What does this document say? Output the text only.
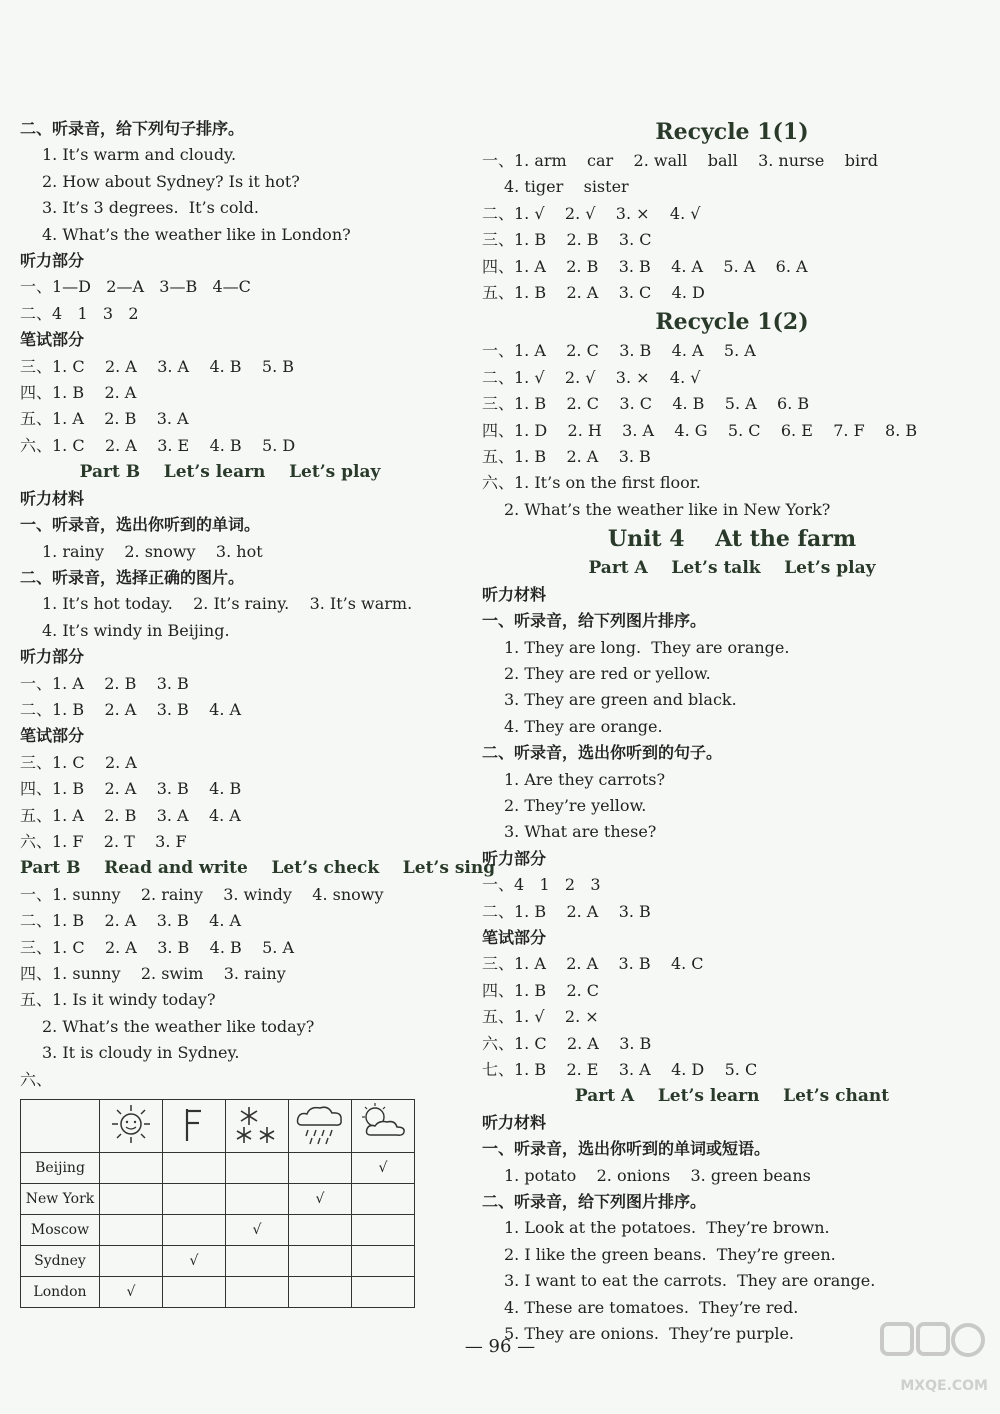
二、听录音，给下列句子排序。
1. It’s warm and cloudy.
2. How about Sydney? Is it hot?
3. It’s 3 degrees.  It’s cold.
4. What’s the weather like in London?
听力部分
一、1—D   2—A   3—B   4—C
二、4   1   3   2
笔试部分
三、1. C    2. A    3. A    4. B    5. B
四、1. B    2. A
五、1. A    2. B    3. A
六、1. C    2. A    3. E    4. B    5. D
Part B    Let’s learn    Let’s play
听力材料
一、听录音，选出你听到的单词。
1. rainy    2. snowy    3. hot
二、听录音，选择正确的图片。
1. It’s hot today.    2. It’s rainy.    3. It’s warm.
4. It’s windy in Beijing.
听力部分
一、1. A    2. B    3. B
二、1. B    2. A    3. B    4. A
笔试部分
三、1. C    2. A
四、1. B    2. A    3. B    4. B
五、1. A    2. B    3. A    4. A
六、1. F    2. T    3. F
Part B    Read and write    Let’s check    Let’s sing
一、1. sunny    2. rainy    3. windy    4. snowy
二、1. B    2. A    3. B    4. A
三、1. C    2. A    3. B    4. B    5. A
四、1. sunny    2. swim    3. rainy
五、1. Is it windy today?
2. What’s the weather like today?
3. It is cloudy in Sydney.
六、

Beijing					√
New York				√	
Moscow			√		
Sydney		√			
London	√				
Recycle 1(1)
一、1. arm    car    2. wall    ball    3. nurse    bird
4. tiger    sister
二、1. √    2. √    3. ×    4. √
三、1. B    2. B    3. C
四、1. A    2. B    3. B    4. A    5. A    6. A
五、1. B    2. A    3. C    4. D
Recycle 1(2)
一、1. A    2. C    3. B    4. A    5. A
二、1. √    2. √    3. ×    4. √
三、1. B    2. C    3. C    4. B    5. A    6. B
四、1. D    2. H    3. A    4. G    5. C    6. E    7. F    8. B
五、1. B    2. A    3. B
六、1. It’s on the first floor.
2. What’s the weather like in New York?
Unit 4    At the farm
Part A    Let’s talk    Let’s play
听力材料
一、听录音，给下列图片排序。
1. They are long.  They are orange.
2. They are red or yellow.
3. They are green and black.
4. They are orange.
二、听录音，选出你听到的句子。
1. Are they carrots?
2. They’re yellow.
3. What are these?
听力部分
一、4   1   2   3
二、1. B    2. A    3. B
笔试部分
三、1. A    2. A    3. B    4. C
四、1. B    2. C
五、1. √    2. ×
六、1. C    2. A    3. B
七、1. B    2. E    3. A    4. D    5. C
Part A    Let’s learn    Let’s chant
听力材料
一、听录音，选出你听到的单词或短语。
1. potato    2. onions    3. green beans
二、听录音，给下列图片排序。
1. Look at the potatoes.  They’re brown.
2. I like the green beans.  They’re green.
3. I want to eat the carrots.  They are orange.
4. These are tomatoes.  They’re red.
5. They are onions.  They’re purple.
— 96 —
MXQE.COM
